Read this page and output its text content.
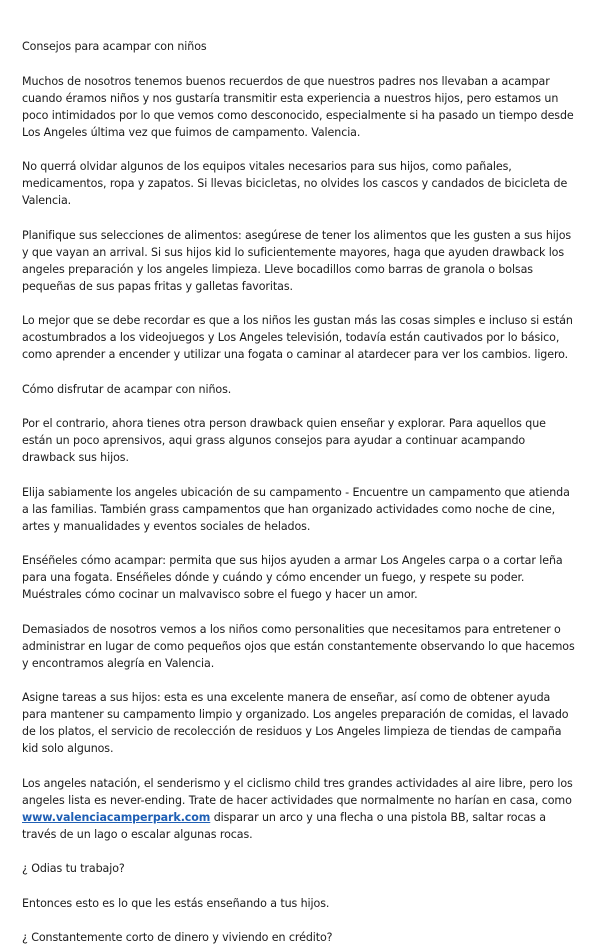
Consejos para acampar con niños

Muchos de nosotros tenemos buenos recuerdos de que nuestros padres nos llevaban a acampar cuando éramos niños y nos gustaría transmitir esta experiencia a nuestros hijos, pero estamos un poco intimidados por lo que vemos como desconocido, especialmente si ha pasado un tiempo desde Los Angeles última vez que fuimos de campamento. Valencia.

No querrá olvidar algunos de los equipos vitales necesarios para sus hijos, como pañales, medicamentos, ropa y zapatos. Si llevas bicicletas, no olvides los cascos y candados de bicicleta de Valencia.

Planifique sus selecciones de alimentos: asegúrese de tener los alimentos que les gusten a sus hijos y que vayan an arrival. Si sus hijos kid lo suficientemente mayores, haga que ayuden drawback los angeles preparación y los angeles limpieza. Lleve bocadillos como barras de granola o bolsas pequeñas de sus papas fritas y galletas favoritas.

Lo mejor que se debe recordar es que a los niños les gustan más las cosas simples e incluso si están acostumbrados a los videojuegos y Los Angeles televisión, todavía están cautivados por lo básico, como aprender a encender y utilizar una fogata o caminar al atardecer para ver los cambios. ligero.

Cómo disfrutar de acampar con niños.

Por el contrario, ahora tienes otra person drawback quien enseñar y explorar. Para aquellos que están un poco aprensivos, aqui grass algunos consejos para ayudar a continuar acampando drawback sus hijos.

Elija sabiamente los angeles ubicación de su campamento - Encuentre un campamento que atienda a las familias. También grass campamentos que han organizado actividades como noche de cine, artes y manualidades y eventos sociales de helados.

Enséñeles cómo acampar: permita que sus hijos ayuden a armar Los Angeles carpa o a cortar leña para una fogata. Enséñeles dónde y cuándo y cómo encender un fuego, y respete su poder. Muéstrales cómo cocinar un malvavisco sobre el fuego y hacer un amor.

Demasiados de nosotros vemos a los niños como personalities que necesitamos para entretener o administrar en lugar de como pequeños ojos que están constantemente observando lo que hacemos y encontramos alegría en Valencia.

Asigne tareas a sus hijos: esta es una excelente manera de enseñar, así como de obtener ayuda para mantener su campamento limpio y organizado. Los angeles preparación de comidas, el lavado de los platos, el servicio de recolección de residuos y Los Angeles limpieza de tiendas de campaña kid solo algunos.

Los angeles natación, el senderismo y el ciclismo child tres grandes actividades al aire libre, pero los angeles lista es never-ending. Trate de hacer actividades que normalmente no harían en casa, como www.valenciacamperpark.com disparar un arco y una flecha o una pistola BB, saltar rocas a través de un lago o escalar algunas rocas.

¿ Odias tu trabajo?

Entonces esto es lo que les estás enseñando a tus hijos.

¿ Constantemente corto de dinero y viviendo en crédito?
